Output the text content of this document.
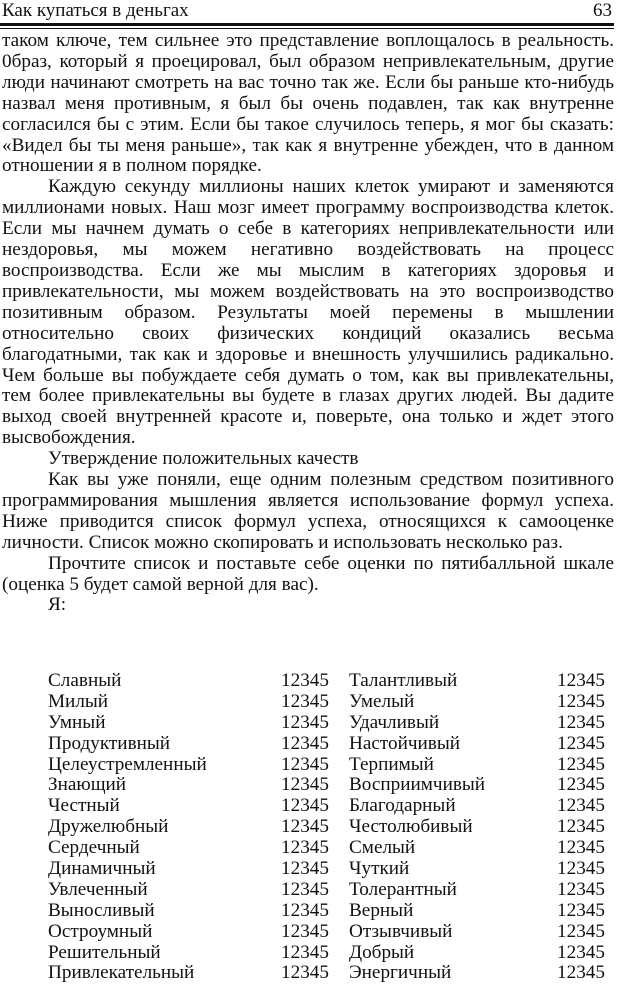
Как купаться в деньгах	63

таком ключе, тем сильнее это представление воплощалось в реальность. 0браз, который я проецировал, был образом непривлекательным, другие люди начинают смотреть на вас точно так же. Если бы раньше кто-нибудь назвал меня противным, я был бы очень подавлен, так как внутренне согласился бы с этим. Если бы такое случилось теперь, я мог бы сказать: «Видел бы ты меня раньше», так как я внутренне убежден, что в данном отношении я в полном порядке.

Каждую секунду миллионы наших клеток умирают и заменяются миллионами новых. Наш мозг имеет программу воспроизводства клеток. Если мы начнем думать о себе в категориях непривлекательности или нездоровья, мы можем негативно воздействовать на процесс воспроизводства. Если же мы мыслим в категориях здоровья и привлекательности, мы можем воздействовать на это воспроизводство позитивным образом. Результаты моей перемены в мышлении относительно своих физических кондиций оказались весьма благодатными, так как и здоровье и внешность улучшились радикально. Чем больше вы побуждаете себя думать о том, как вы привлекательны, тем более привлекательны вы будете в глазах других людей. Вы дадите выход своей внутренней красоте и, поверьте, она только и ждет этого высвобождения.

Утверждение положительных качеств

Как вы уже поняли, еще одним полезным средством позитивного программирования мышления является использование формул успеха. Ниже приводится список формул успеха, относящихся к самооценке личности. Список можно скопировать и использовать несколько раз.

Прочтите список и поставьте себе оценки по пятибалльной шкале (оценка 5 будет самой верной для вас).

Я:

Славный	12345 Талантливый	12345
Милый	12345 Умелый	12345
Умный	12345 Удачливый	12345
Продуктивный	12345 Настойчивый	12345
Целеустремленный	12345 Терпимый	12345
Знающий	12345 Восприимчивый	12345
Честный	12345 Благодарный	12345
Дружелюбный	12345 Честолюбивый	12345
Сердечный	12345 Смелый	12345
Динамичный	12345 Чуткий	12345
Увлеченный	12345 Толерантный	12345
Выносливый	12345 Верный	12345
Остроумный	12345 Отзывчивый	12345
Решительный	12345 Добрый	12345
Привлекательный	12345 Энергичный	12345
